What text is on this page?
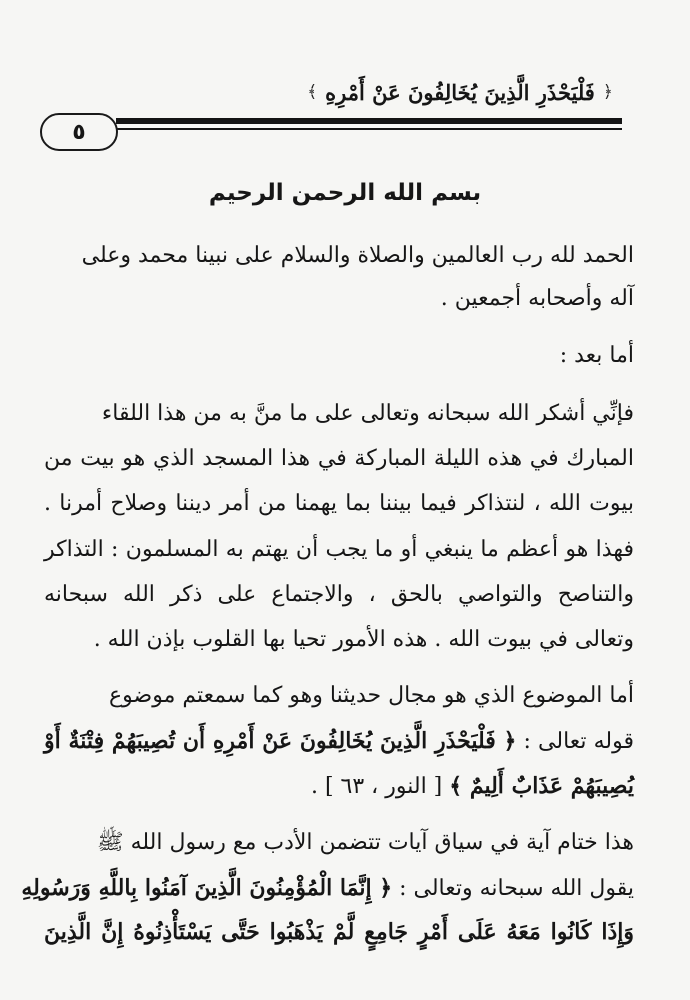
﴿
فَلْيَحْذَرِ الَّذِينَ يُخَالِفُونَ عَنْ أَمْرِهِ
﴾
٥
بسم الله الرحمن الرحيم
الحمد لله رب العالمين والصلاة والسلام على نبينا محمد وعلى
آله وأصحابه أجمعين .
أما بعد :
فإنِّي أشكر الله سبحانه وتعالى على ما منَّ به من هذا اللقاء
المبارك في هذه الليلة المباركة في هذا المسجد الذي هو بيت من
بيوت الله ، لنتذاكر فيما بيننا بما يهمنا من أمر ديننا وصلاح أمرنا .
فهذا هو أعظم ما ينبغي أو ما يجب أن يهتم به المسلمون : التذاكر
والتناصح والتواصي بالحق ، والاجتماع على ذكر الله سبحانه
وتعالى في بيوت الله . هذه الأمور تحيا بها القلوب بإذن الله .
أما الموضوع الذي هو مجال حديثنا وهو كما سمعتم موضوع
قوله تعالى : ﴿ فَلْيَحْذَرِ الَّذِينَ يُخَالِفُونَ عَنْ أَمْرِهِ أَن تُصِيبَهُمْ فِتْنَةٌ أَوْ
يُصِيبَهُمْ عَذَابٌ أَلِيمٌ ﴾ [ النور ، ٦٣ ] .
هذا ختام آية في سياق آيات تتضمن الأدب مع رسول الله ﷺ
يقول الله سبحانه وتعالى : ﴿ إِنَّمَا الْمُؤْمِنُونَ الَّذِينَ آمَنُوا بِاللَّهِ وَرَسُولِهِ
وَإِذَا كَانُوا مَعَهُ عَلَى أَمْرٍ جَامِعٍ لَّمْ يَذْهَبُوا حَتَّى يَسْتَأْذِنُوهُ إِنَّ الَّذِينَ
